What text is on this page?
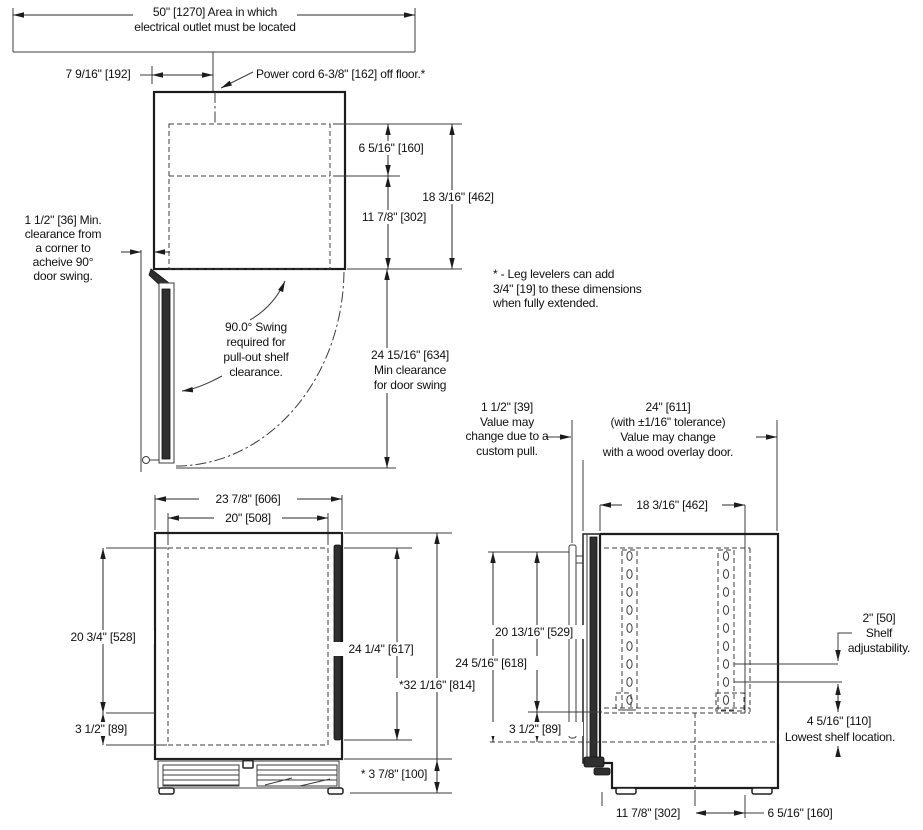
50" [1270] Area in which
electrical outlet must be located
7 9/16" [192]	Power cord 6-3/8" [162] off floor.*
6 5/16" [160]
18 3/16" [462]
11 7/8" [302]
1 1/2" [36] Min.
clearance from
a corner to
acheive 90°
door swing.
90.0° Swing
required for
pull-out shelf
clearance.
24 15/16" [634]
Min clearance
for door swing
* - Leg levelers can add
3/4" [19] to these dimensions
when fully extended.
1 1/2" [39]
Value may
change due to a
custom pull.
24" [611]
(with ±1/16" tolerance)
Value may change
with a wood overlay door.
18 3/16" [462]
23 7/8" [606]
20" [508]
20 3/4" [528]
3 1/2" [89]
24 1/4" [617]
*32 1/16" [814]
* 3 7/8" [100]
20 13/16" [529]
24 5/16" [618]
3 1/2" [89]
2" [50]
Shelf
adjustability.
4 5/16" [110]
Lowest shelf location.
11 7/8" [302]	6 5/16" [160]
